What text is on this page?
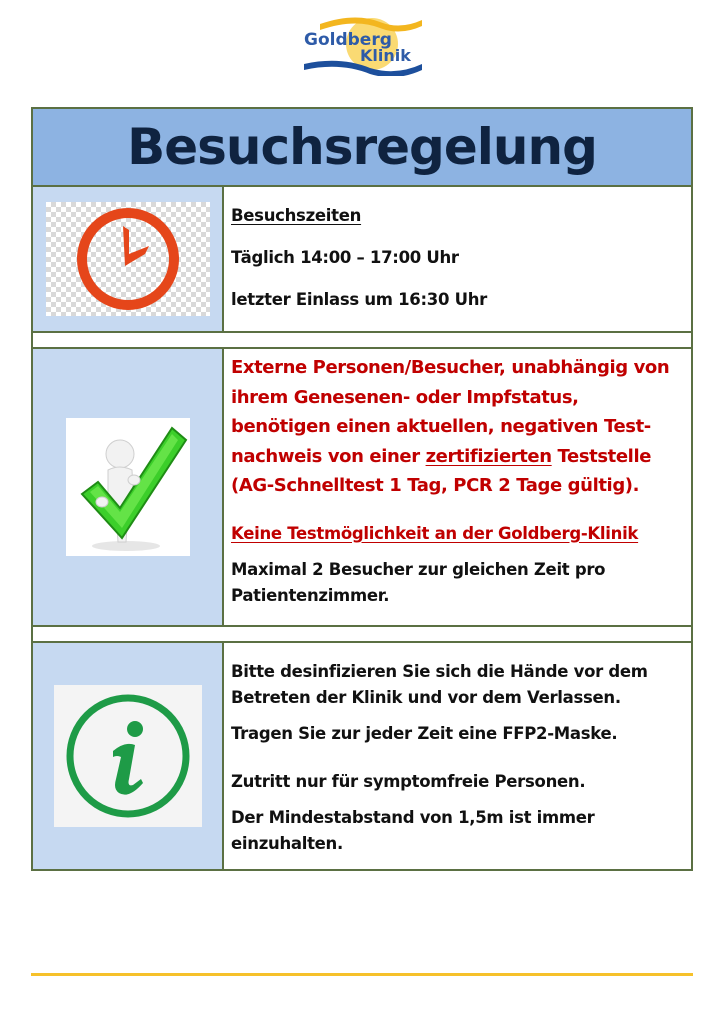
Goldberg
Klinik
Besuchsregelung

Besuchszeiten

Täglich 14:00 – 17:00 Uhr

letzter Einlass um 16:30 Uhr

Externe Personen/Besucher, unabhängig von ihrem Genesenen- oder Impfstatus, benötigen einen aktuellen, negativen Test-nachweis von einer zertifizierten Teststelle (AG-Schnelltest 1 Tag, PCR 2 Tage gültig).

Keine Testmöglichkeit an der Goldberg-Klinik

Maximal 2 Besucher zur gleichen Zeit pro Patientenzimmer.

Bitte desinfizieren Sie sich die Hände vor dem Betreten der Klinik und vor dem Verlassen.

Tragen Sie zur jeder Zeit eine FFP2-Maske.

Zutritt nur für symptomfreie Personen.

Der Mindestabstand von 1,5m ist immer einzuhalten.
